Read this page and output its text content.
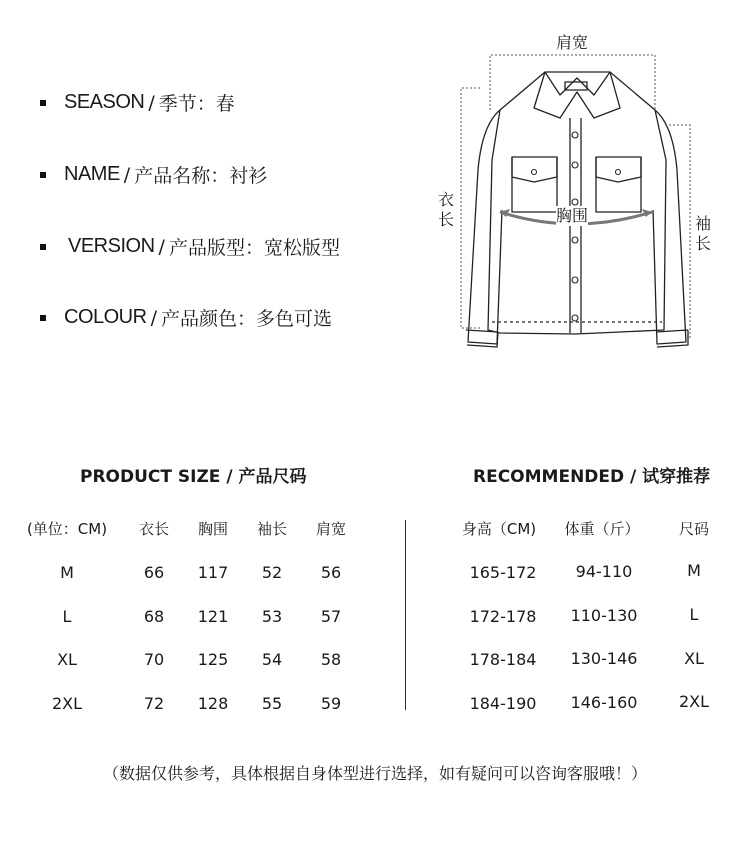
SEASON / 季节 ： 春
NAME / 产品名称 ： 衬衫
VERSION / 产品版型 ： 宽松版型
COLOUR / 产品颜色 ： 多色可选
肩宽
衣
长	胸围	袖
长
PRODUCT SIZE / 产品尺码	RECOMMENDED / 试穿推荐
(单位：CM) 衣长 胸围 袖长 肩宽
M	66 117 52 56
L	68 121 53 57
XL	70 125 54 58
2XL	72 128 55 59
身高（CM) 体重（斤）	尺码
165-172 94-110	M
172-178 110-130	L
178-184 130-146	XL
184-190 146-160	2XL
（数据仅供参考，具体根据自身体型进行选择，如有疑问可以咨询客服哦！）
